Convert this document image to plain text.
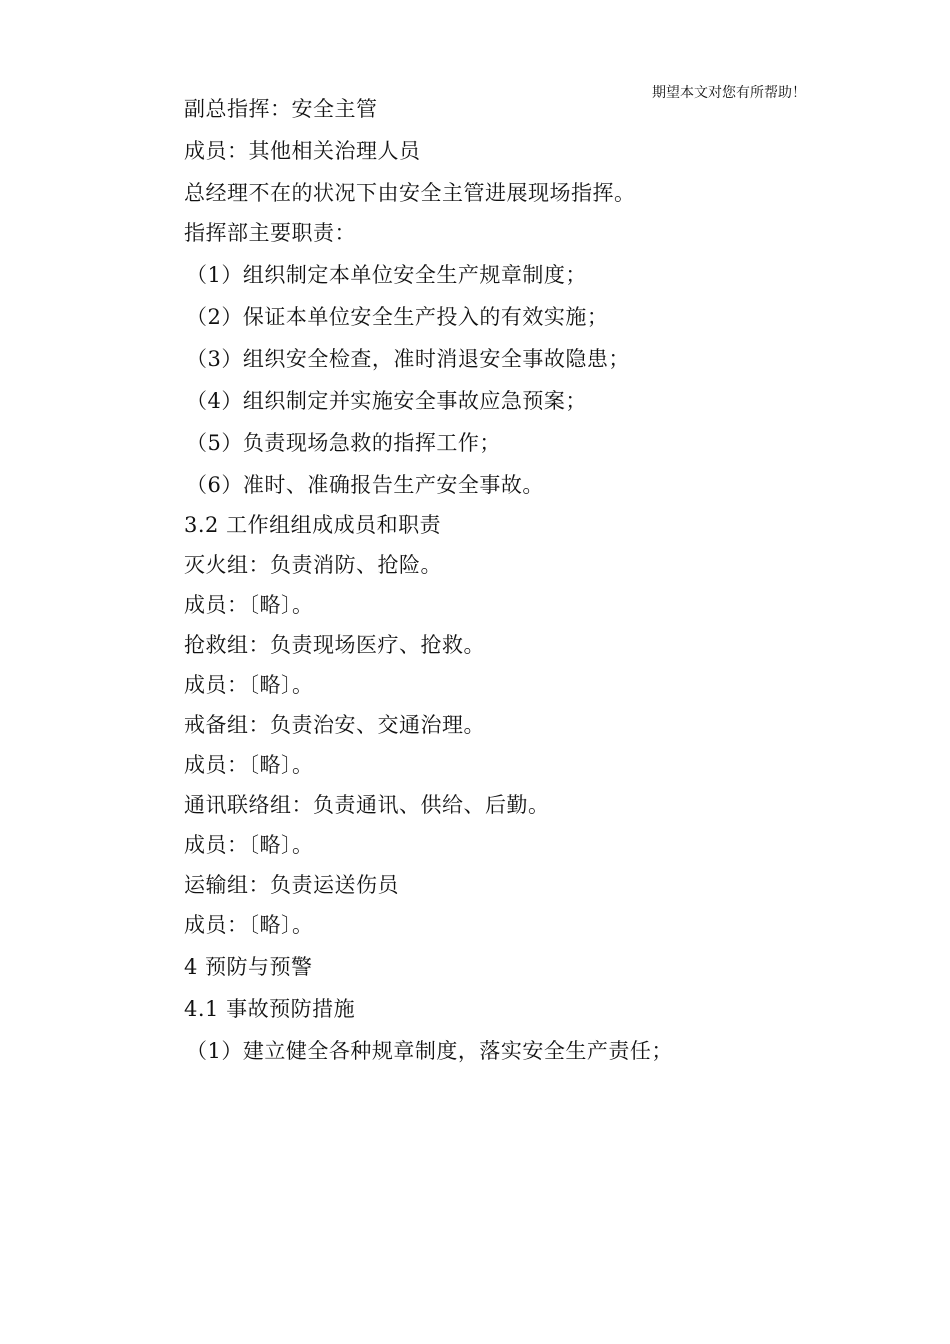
期望本文对您有所帮助！
副总指挥：安全主管
成员：其他相关治理人员
总经理不在的状况下由安全主管进展现场指挥。
指挥部主要职责：
（1）组织制定本单位安全生产规章制度；
（2）保证本单位安全生产投入的有效实施；
（3）组织安全检查，准时消退安全事故隐患；
（4）组织制定并实施安全事故应急预案；
（5）负责现场急救的指挥工作；
（6）准时、准确报告生产安全事故。
3.2 工作组组成成员和职责
灭火组：负责消防、抢险。
成员：〔略〕。
抢救组：负责现场医疗、抢救。
成员：〔略〕。
戒备组：负责治安、交通治理。
成员：〔略〕。
通讯联络组：负责通讯、供给、后勤。
成员：〔略〕。
运输组：负责运送伤员
成员：〔略〕。
4 预防与预警
4.1 事故预防措施
（1）建立健全各种规章制度，落实安全生产责任；
